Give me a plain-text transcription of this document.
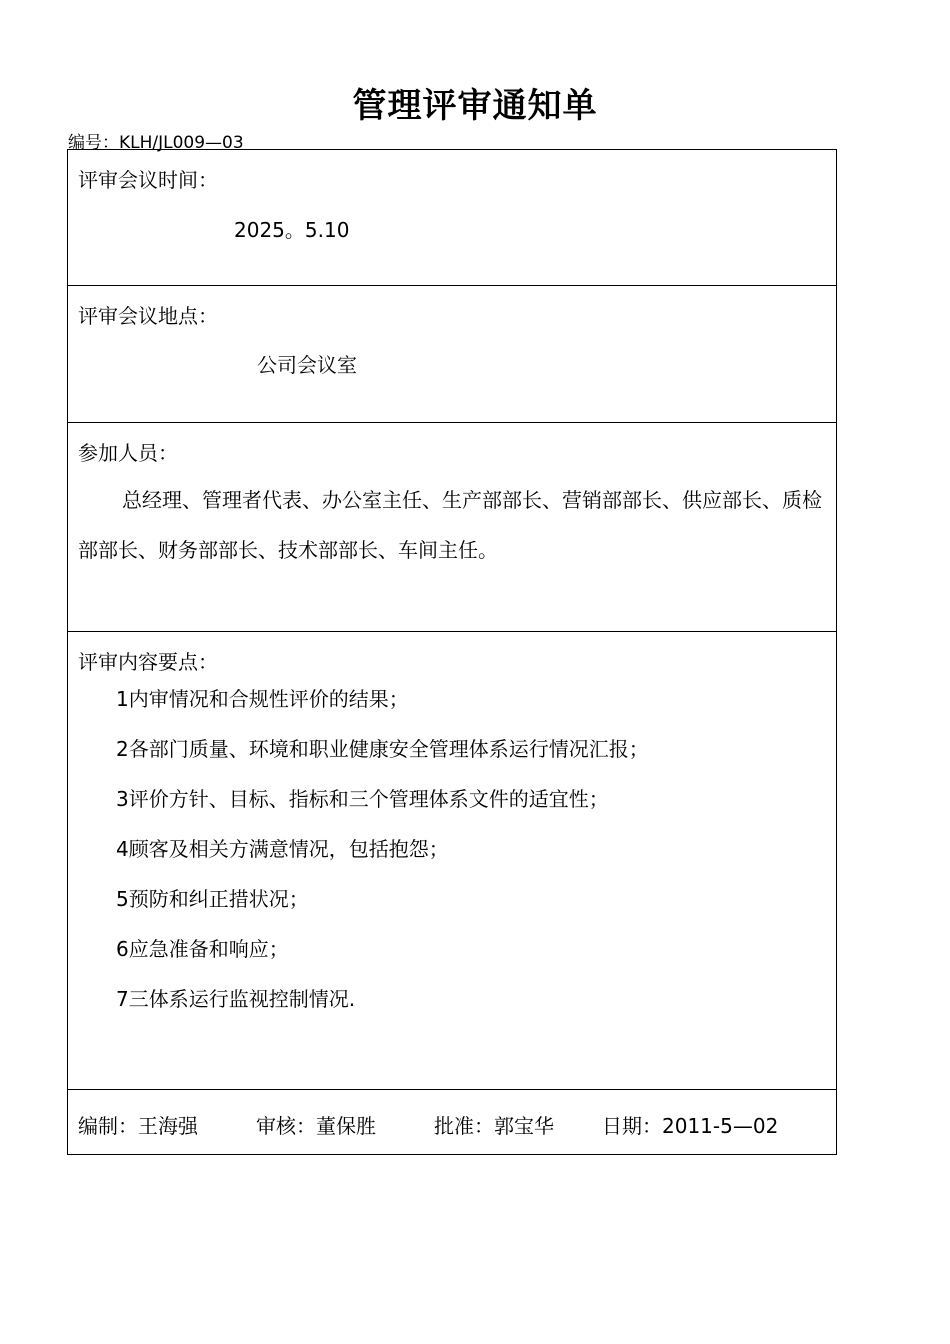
管理评审通知单
编号：KLH/JL009—03
评审会议时间：
2025。5.10

评审会议地点：
公司会议室

参加人员：
总经理、管理者代表、办公室主任、生产部部长、营销部部长、供应部长、质检部部长、财务部部长、技术部部长、车间主任。

评审内容要点：
1内审情况和合规性评价的结果；
2各部门质量、环境和职业健康安全管理体系运行情况汇报；
3评价方针、目标、指标和三个管理体系文件的适宜性；
4顾客及相关方满意情况，包括抱怨；
5预防和纠正措状况；
6应急准备和响应；
7三体系运行监视控制情况.

编制：王海强	审核：董保胜	批准：郭宝华 日期：2011-5—02
